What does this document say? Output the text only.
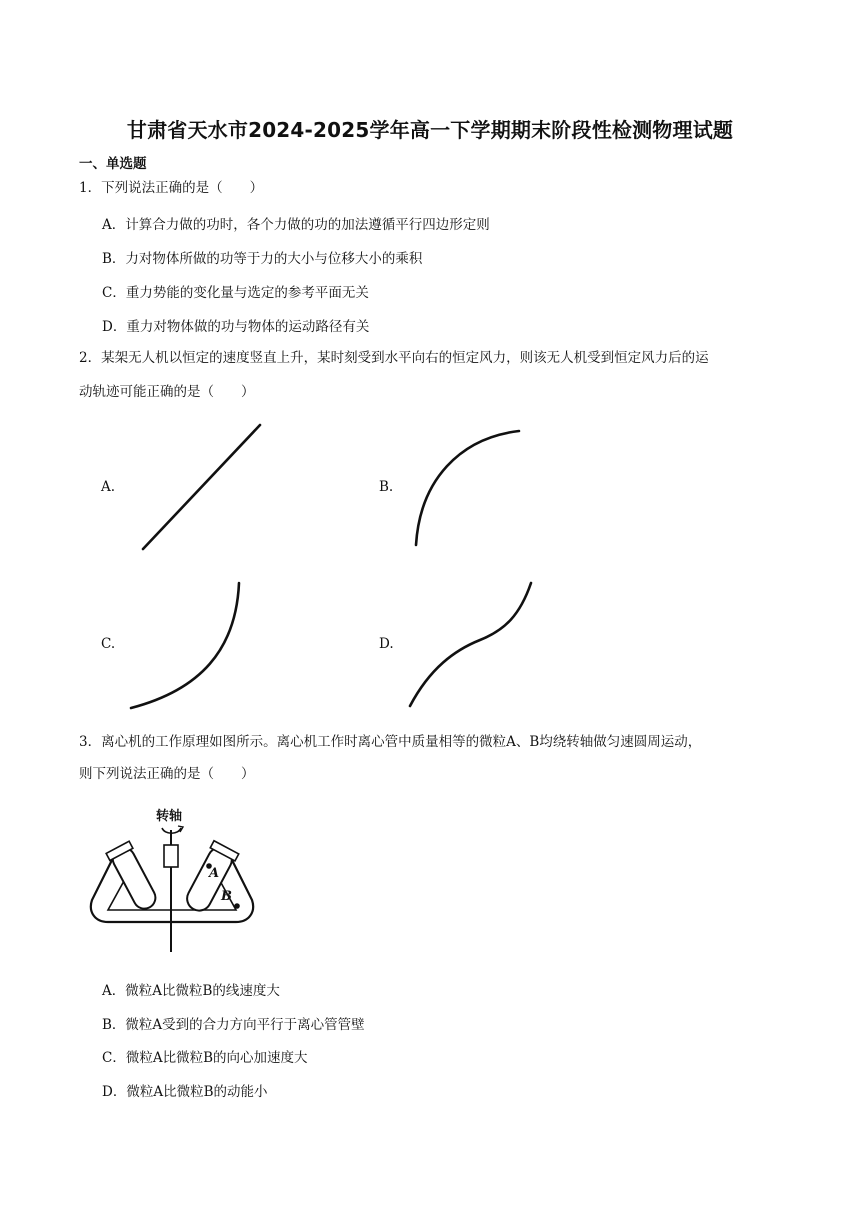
甘肃省天水市2024-2025学年高一下学期期末阶段性检测物理试题
一、单选题
1．下列说法正确的是（　　）
A．计算合力做的功时，各个力做的功的加法遵循平行四边形定则
B．力对物体所做的功等于力的大小与位移大小的乘积
C．重力势能的变化量与选定的参考平面无关
D．重力对物体做的功与物体的运动路径有关
2．某架无人机以恒定的速度竖直上升，某时刻受到水平向右的恒定风力，则该无人机受到恒定风力后的运
动轨迹可能正确的是（　　）
A.	B.
C.	D.
3．离心机的工作原理如图所示。离心机工作时离心管中质量相等的微粒A、B均绕转轴做匀速圆周运动，
则下列说法正确的是（　　）
转轴
A
B
A．微粒A比微粒B的线速度大
B．微粒A受到的合力方向平行于离心管管壁
C．微粒A比微粒B的向心加速度大
D．微粒A比微粒B的动能小
